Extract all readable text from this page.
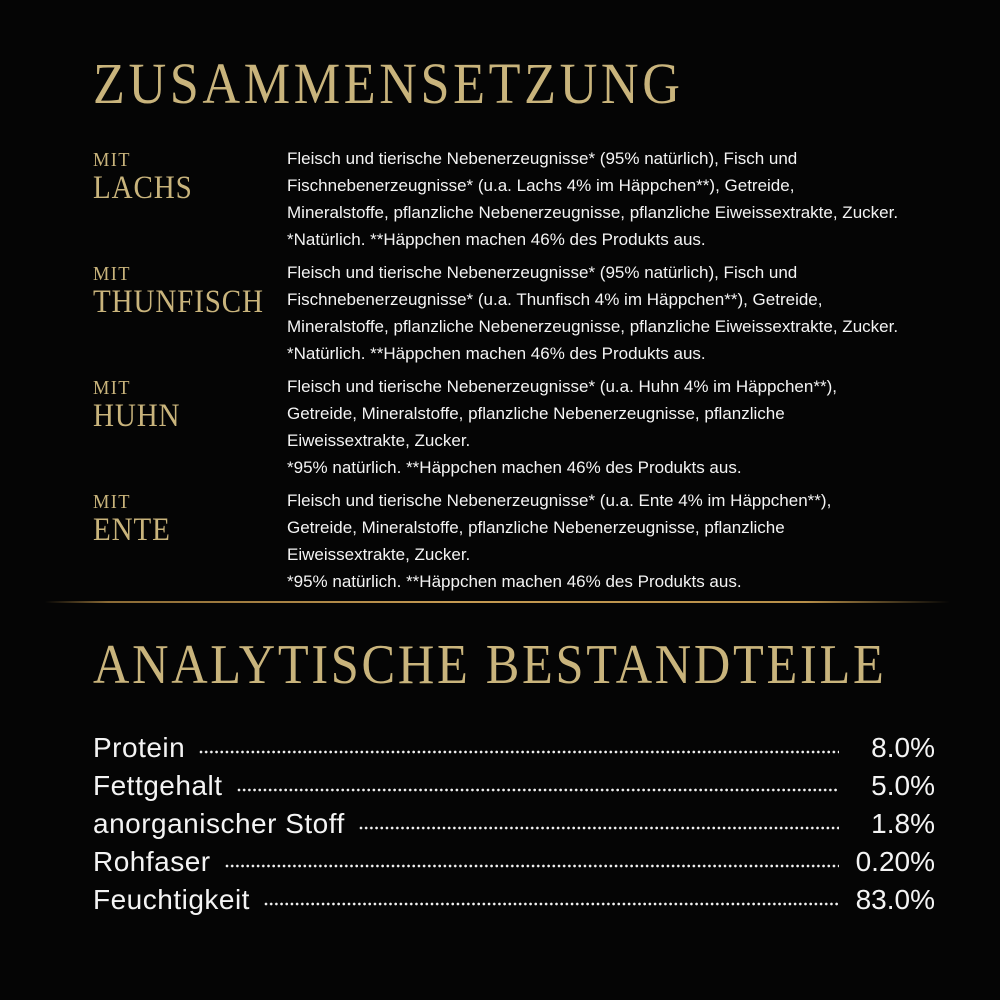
ZUSAMMENSETZUNG
MIT
LACHS
Fleisch und tierische Nebenerzeugnisse* (95% natürlich), Fisch und
Fischnebenerzeugnisse* (u.a. Lachs 4% im Häppchen**), Getreide,
Mineralstoffe, pflanzliche Nebenerzeugnisse, pflanzliche Eiweissextrakte, Zucker.
*Natürlich. **Häppchen machen 46% des Produkts aus.
MIT
THUNFISCH
Fleisch und tierische Nebenerzeugnisse* (95% natürlich), Fisch und
Fischnebenerzeugnisse* (u.a. Thunfisch 4% im Häppchen**), Getreide,
Mineralstoffe, pflanzliche Nebenerzeugnisse, pflanzliche Eiweissextrakte, Zucker.
*Natürlich. **Häppchen machen 46% des Produkts aus.
MIT
HUHN
Fleisch und tierische Nebenerzeugnisse* (u.a. Huhn 4% im Häppchen**),
Getreide, Mineralstoffe, pflanzliche Nebenerzeugnisse, pflanzliche
Eiweissextrakte, Zucker.
*95% natürlich. **Häppchen machen 46% des Produkts aus.
MIT
ENTE
Fleisch und tierische Nebenerzeugnisse* (u.a. Ente 4% im Häppchen**),
Getreide, Mineralstoffe, pflanzliche Nebenerzeugnisse, pflanzliche
Eiweissextrakte, Zucker.
*95% natürlich. **Häppchen machen 46% des Produkts aus.
ANALYTISCHE BESTANDTEILE
Protein	8.0%
Fettgehalt	5.0%
anorganischer Stoff	1.8%
Rohfaser	0.20%
Feuchtigkeit	83.0%
